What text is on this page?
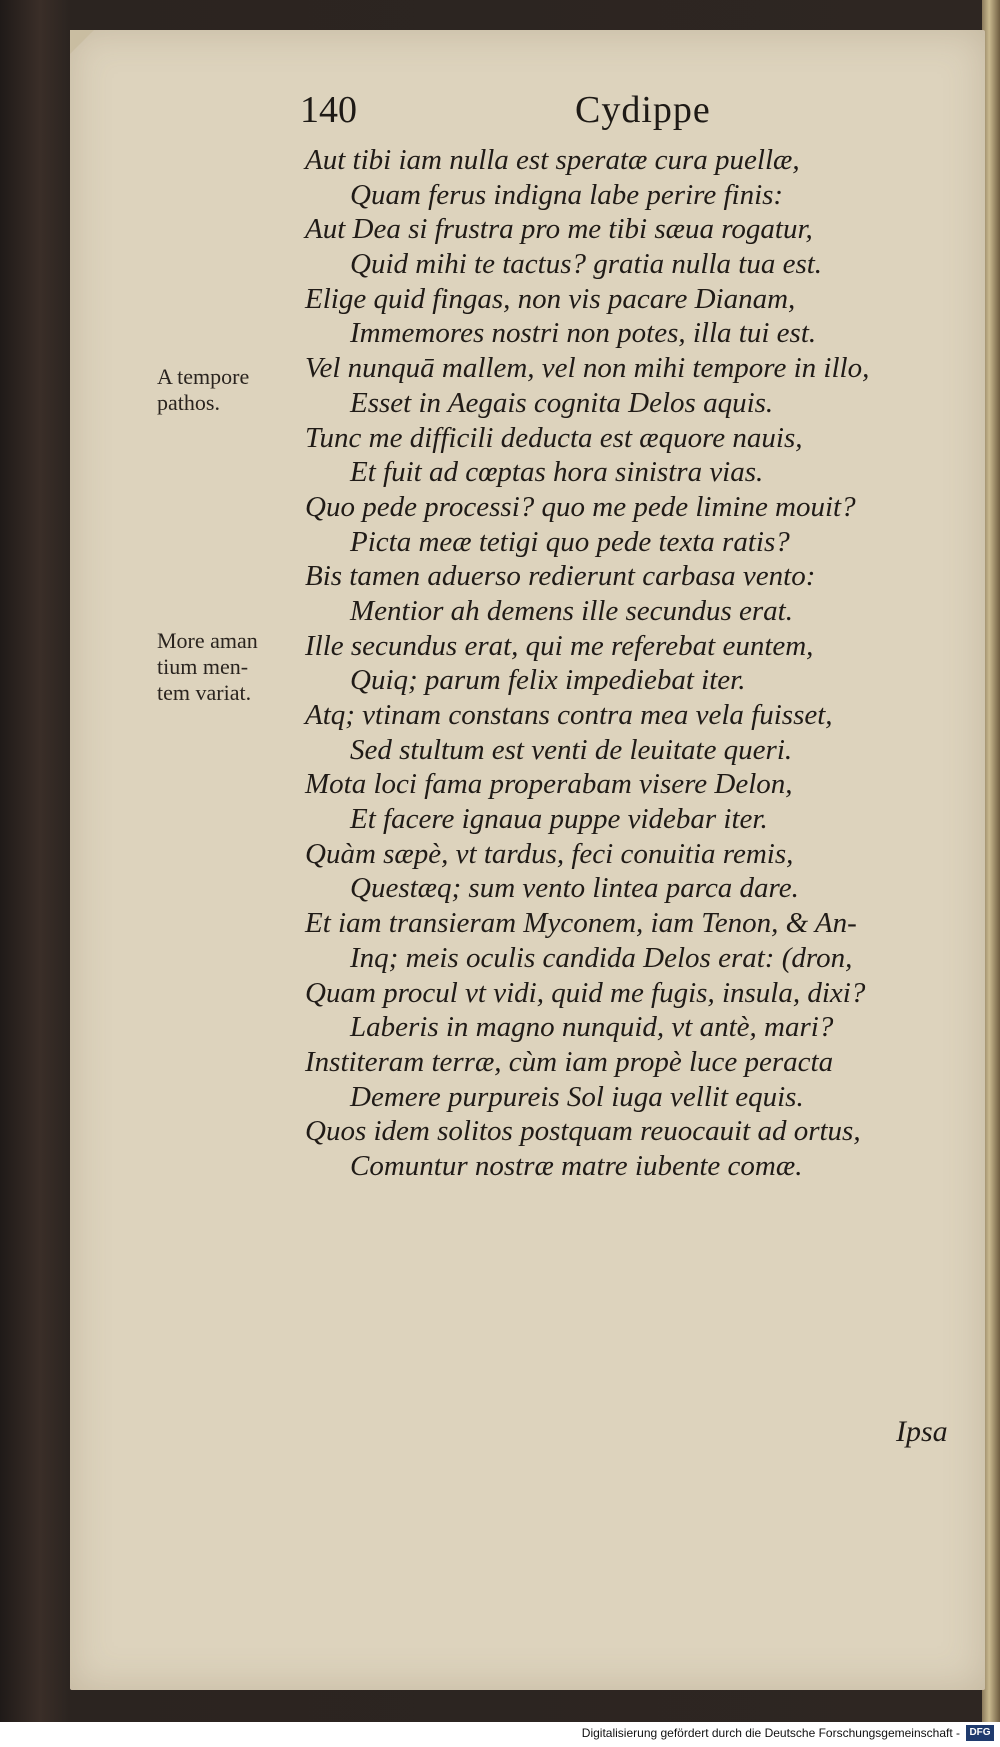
140	Cydippe
A tempore
pathos.
More aman
tium men-
tem variat.
Aut tibi iam nulla est speratæ cura puellæ,
Quam ferus indigna labe perire finis:
Aut Dea si frustra pro me tibi sæua rogatur,
Quid mihi te tactus? gratia nulla tua est.
Elige quid fingas, non vis pacare Dianam,
Immemores nostri non potes, illa tui est.
Vel nunquā mallem, vel non mihi tempore in illo,
Esset in Aegais cognita Delos aquis.
Tunc me difficili deducta est æquore nauis,
Et fuit ad cœptas hora sinistra vias.
Quo pede processi? quo me pede limine mouit?
Picta meæ tetigi quo pede texta ratis?
Bis tamen aduerso redierunt carbasa vento:
Mentior ah demens ille secundus erat.
Ille secundus erat, qui me referebat euntem,
Quiq; parum felix impediebat iter.
Atq; vtinam constans contra mea vela fuisset,
Sed stultum est venti de leuitate queri.
Mota loci fama properabam visere Delon,
Et facere ignaua puppe videbar iter.
Quàm sæpè, vt tardus, feci conuitia remis,
Questæq; sum vento lintea parca dare.
Et iam transieram Myconem, iam Tenon, & An-
Inq; meis oculis candida Delos erat: (dron,
Quam procul vt vidi, quid me fugis, insula, dixi?
Laberis in magno nunquid, vt antè, mari?
Institeram terræ, cùm iam propè luce peracta
Demere purpureis Sol iuga vellit equis.
Quos idem solitos postquam reuocauit ad ortus,
Comuntur nostræ matre iubente comæ.
Ipsa
Digitalisierung gefördert durch die Deutsche Forschungsgemeinschaft - DFG
